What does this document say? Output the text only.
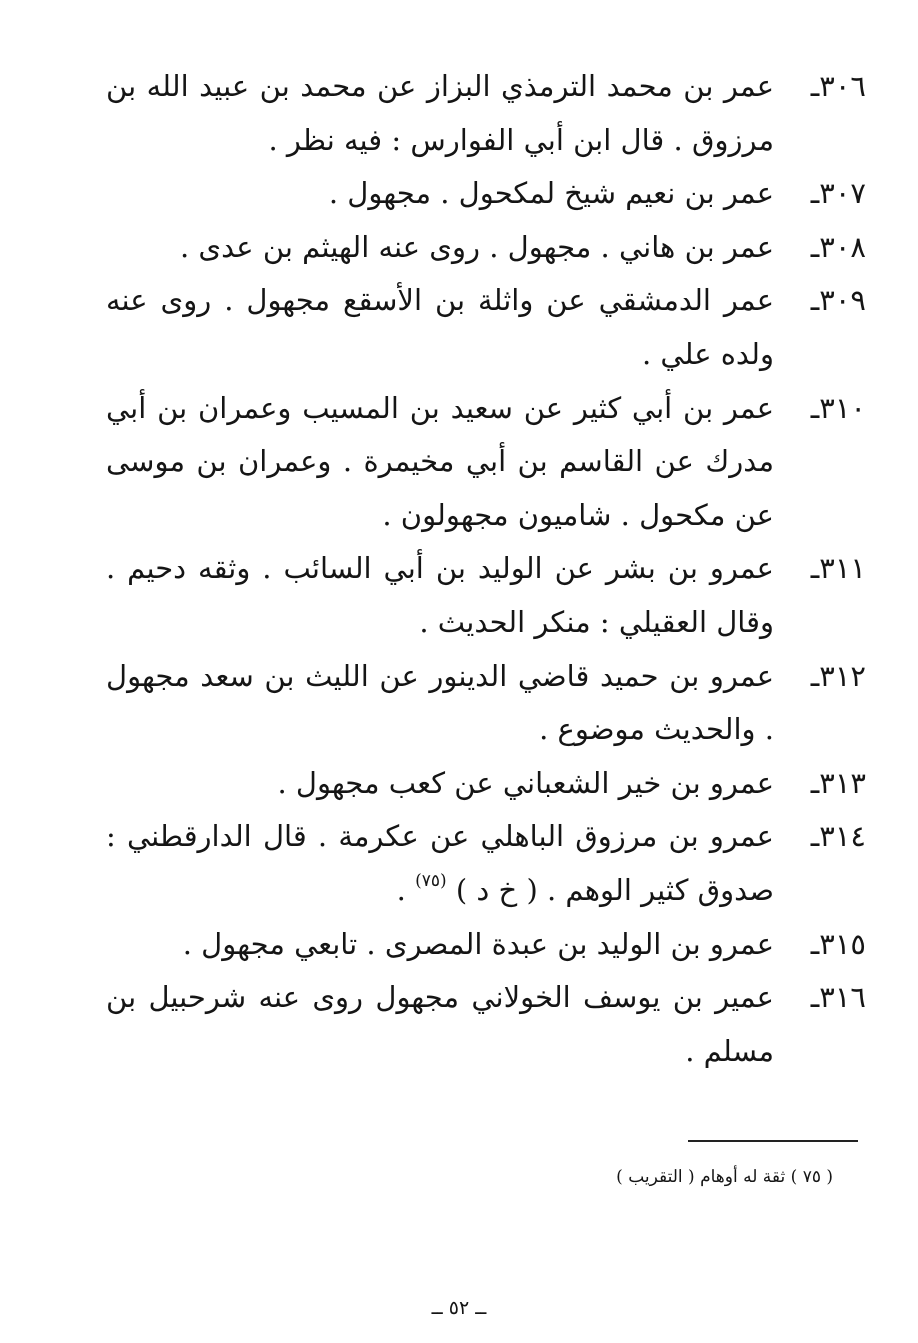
٣٠٦ـ
عمر بن محمد الترمذي البزاز عن محمد بن عبيد الله بن مرزوق . قال ابن أبي الفوارس : فيه نظر .
٣٠٧ـ
عمر بن نعيم شيخ لمكحول . مجهول .
٣٠٨ـ
عمر بن هاني . مجهول . روى عنه الهيثم بن عدى .
٣٠٩ـ
عمر الدمشقي عن واثلة بن الأسقع مجهول . روى عنه ولده علي .
٣١٠ـ
عمر بن أبي كثير عن سعيد بن المسيب وعمران بن أبي مدرك عن القاسم بن أبي مخيمرة . وعمران بن موسى عن مكحول . شاميون مجهولون .
٣١١ـ
عمرو بن بشر عن الوليد بن أبي السائب . وثقه دحيم . وقال العقيلي : منكر الحديث .
٣١٢ـ
عمرو بن حميد قاضي الدينور عن الليث بن سعد مجهول . والحديث موضوع .
٣١٣ـ
عمرو بن خير الشعباني عن كعب مجهول .
٣١٤ـ
عمرو بن مرزوق الباهلي عن عكرمة . قال الدارقطني : صدوق كثير الوهم . ( خ د ) $^{(٧٥)}$ .
٣١٥ـ
عمرو بن الوليد بن عبدة المصرى . تابعي مجهول .
٣١٦ـ
عمير بن يوسف الخولاني مجهول روى عنه شرحبيل بن مسلم .
( ٧٥ ) ثقة له أوهام ( التقريب )
ــ ٥٢ ــ
